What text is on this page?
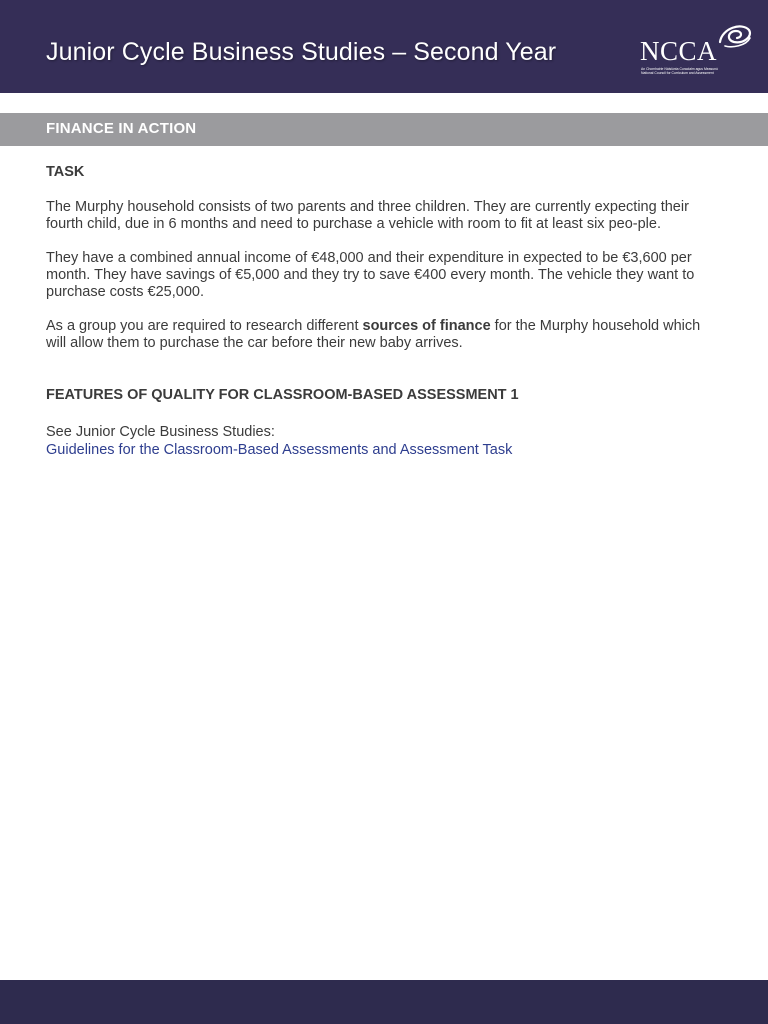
Junior Cycle Business Studies – Second Year	NCCA
An Chomhairle Náisiúnta Curaclaim agus Measunú
National Council for Curriculum and Assessment
FINANCE IN ACTION

TASK

The Murphy household consists of two parents and three children. They are currently expecting their fourth child, due in 6 months and need to purchase a vehicle with room to fit at least six peo-ple.

They have a combined annual income of €48,000 and their expenditure in expected to be €3,600 per month. They have savings of €5,000 and they try to save €400 every month. The vehicle they want to purchase costs €25,000.

As a group you are required to research different sources of finance for the Murphy household which will allow them to purchase the car before their new baby arrives.

FEATURES OF QUALITY FOR CLASSROOM-BASED ASSESSMENT 1

See Junior Cycle Business Studies:

Guidelines for the Classroom-Based Assessments and Assessment Task
